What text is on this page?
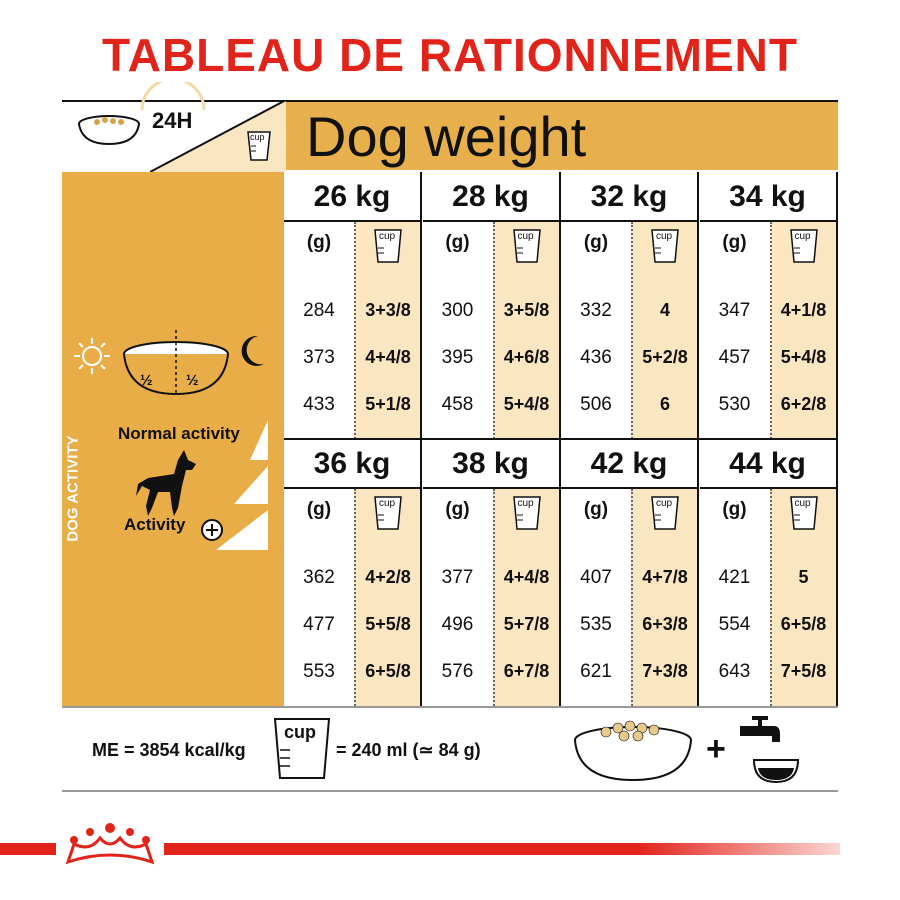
TABLEAU DE RATIONNEMENT
24H
cup Dog weight
½ ½
DOG ACTIVITY
Normal activity
Activity
26 kg
(g)
284
373
433
cup
3+3/8
4+4/8
5+1/8
28 kg
(g)
300
395
458
cup
3+5/8
4+6/8
5+4/8
32 kg
(g)
332
436
506
cup
4
5+2/8
6
34 kg
(g)
347
457
530
cup
4+1/8
5+4/8
6+2/8
36 kg
(g)
362
477
553
cup
4+2/8
5+5/8
6+5/8
38 kg
(g)
377
496
576
cup
4+4/8
5+7/8
6+7/8
42 kg
(g)
407
535
621
cup
4+7/8
6+3/8
7+3/8
44 kg
(g)
421
554
643
cup
5
6+5/8
7+5/8
ME = 3854 kcal/kg
cup
= 240 ml (≃ 84 g)	+
